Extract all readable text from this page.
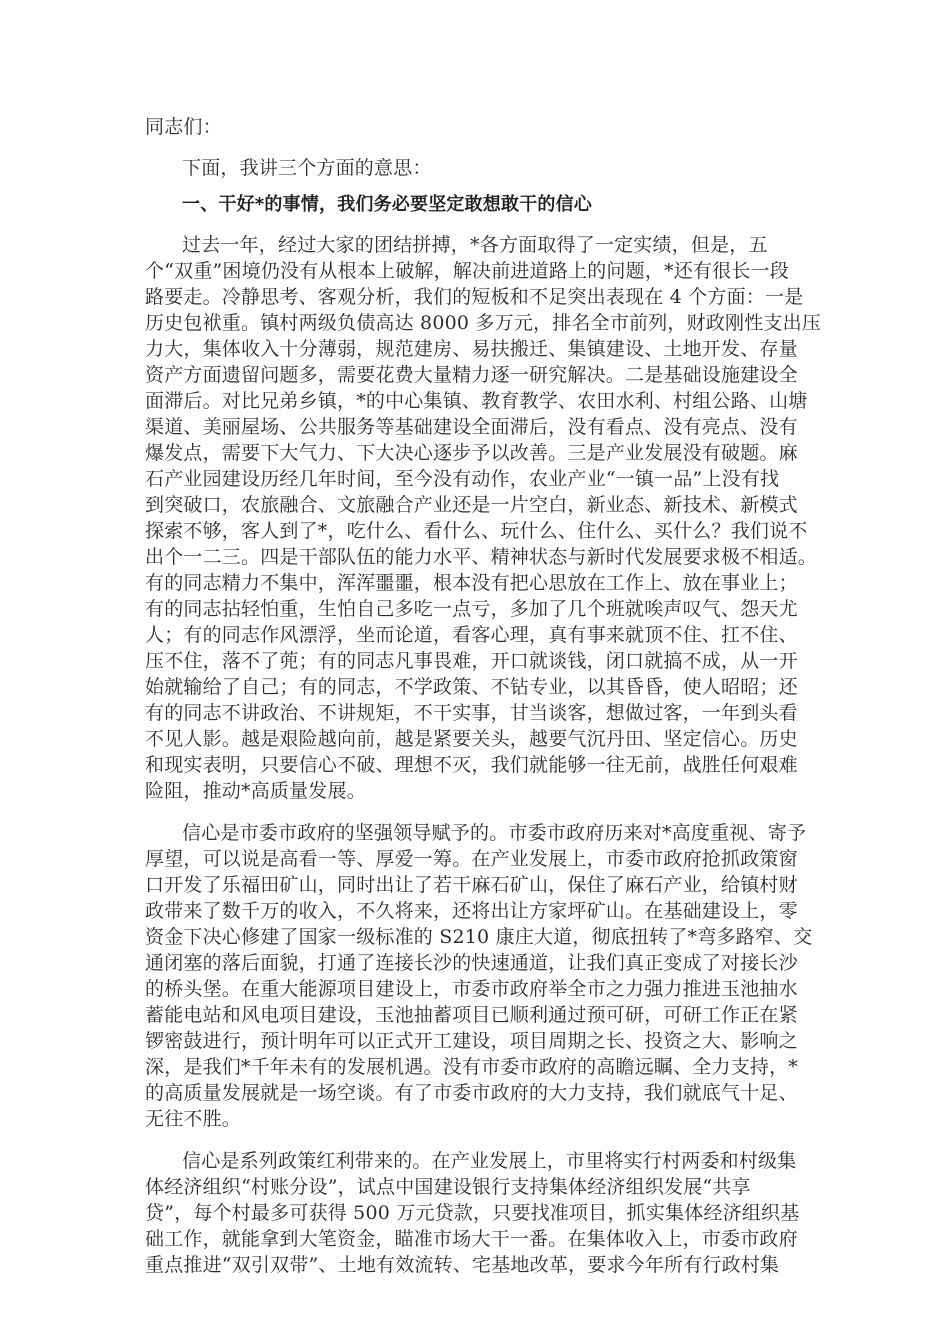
同志们：
下面，我讲三个方面的意思：
一、干好*的事情，我们务必要坚定敢想敢干的信心
过去一年，经过大家的团结拼搏，*各方面取得了一定实绩，但是，五
个“双重”困境仍没有从根本上破解，解决前进道路上的问题，*还有很长一段
路要走。冷静思考、客观分析，我们的短板和不足突出表现在 4 个方面：一是
历史包袱重。镇村两级负债高达 8000 多万元，排名全市前列，财政刚性支出压
力大，集体收入十分薄弱，规范建房、易扶搬迁、集镇建设、土地开发、存量
资产方面遗留问题多，需要花费大量精力逐一研究解决。二是基础设施建设全
面滞后。对比兄弟乡镇，*的中心集镇、教育教学、农田水利、村组公路、山塘
渠道、美丽屋场、公共服务等基础建设全面滞后，没有看点、没有亮点、没有
爆发点，需要下大气力、下大决心逐步予以改善。三是产业发展没有破题。麻
石产业园建设历经几年时间，至今没有动作，农业产业“一镇一品”上没有找
到突破口，农旅融合、文旅融合产业还是一片空白，新业态、新技术、新模式
探索不够，客人到了*，吃什么、看什么、玩什么、住什么、买什么？我们说不
出个一二三。四是干部队伍的能力水平、精神状态与新时代发展要求极不相适。
有的同志精力不集中，浑浑噩噩，根本没有把心思放在工作上、放在事业上；
有的同志拈轻怕重，生怕自己多吃一点亏，多加了几个班就唉声叹气、怨天尤
人；有的同志作风漂浮，坐而论道，看客心理，真有事来就顶不住、扛不住、
压不住，落不了蔸；有的同志凡事畏难，开口就谈钱，闭口就搞不成，从一开
始就输给了自己；有的同志，不学政策、不钻专业，以其昏昏，使人昭昭；还
有的同志不讲政治、不讲规矩，不干实事，甘当谈客，想做过客，一年到头看
不见人影。越是艰险越向前，越是紧要关头，越要气沉丹田、坚定信心。历史
和现实表明，只要信心不破、理想不灭，我们就能够一往无前，战胜任何艰难
险阻，推动*高质量发展。
信心是市委市政府的坚强领导赋予的。市委市政府历来对*高度重视、寄予
厚望，可以说是高看一等、厚爱一筹。在产业发展上，市委市政府抢抓政策窗
口开发了乐福田矿山，同时出让了若干麻石矿山，保住了麻石产业，给镇村财
政带来了数千万的收入，不久将来，还将出让方家坪矿山。在基础建设上，零
资金下决心修建了国家一级标准的 S210 康庄大道，彻底扭转了*弯多路窄、交
通闭塞的落后面貌，打通了连接长沙的快速通道，让我们真正变成了对接长沙
的桥头堡。在重大能源项目建设上，市委市政府举全市之力强力推进玉池抽水
蓄能电站和风电项目建设，玉池抽蓄项目已顺利通过预可研，可研工作正在紧
锣密鼓进行，预计明年可以正式开工建设，项目周期之长、投资之大、影响之
深，是我们*千年未有的发展机遇。没有市委市政府的高瞻远瞩、全力支持，*
的高质量发展就是一场空谈。有了市委市政府的大力支持，我们就底气十足、
无往不胜。
信心是系列政策红利带来的。在产业发展上，市里将实行村两委和村级集
体经济组织“村账分设”，试点中国建设银行支持集体经济组织发展“共享
贷”，每个村最多可获得 500 万元贷款，只要找准项目，抓实集体经济组织基
础工作，就能拿到大笔资金，瞄准市场大干一番。在集体收入上，市委市政府
重点推进“双引双带”、土地有效流转、宅基地改革，要求今年所有行政村集
